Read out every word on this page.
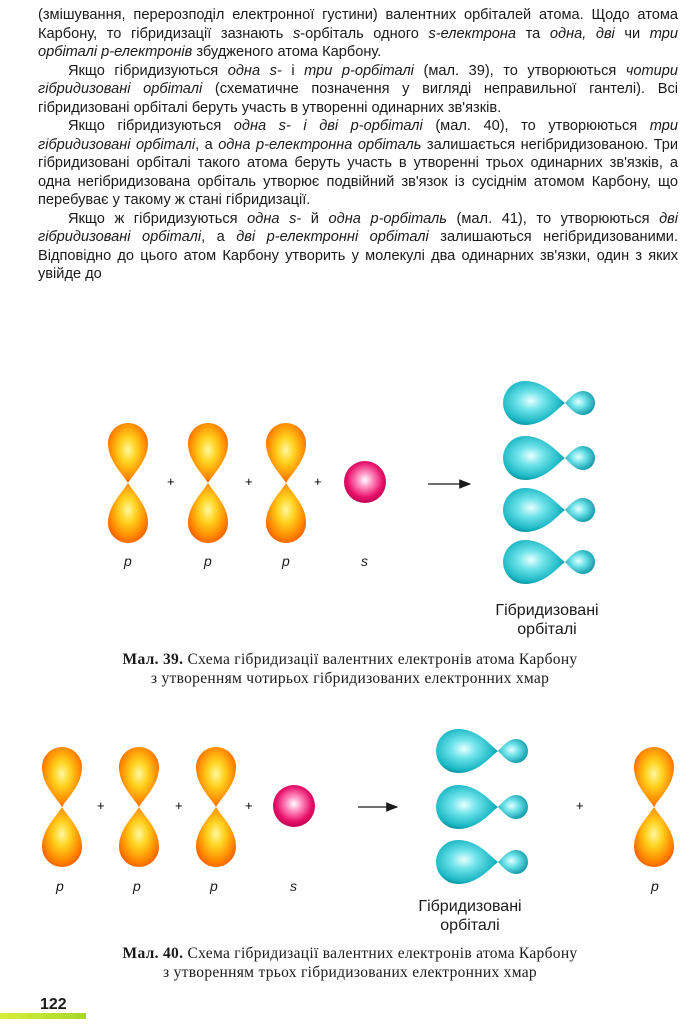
(змішування, перерозподіл електронної густини) валентних орбіталей атома. Щодо атома Карбону, то гібридизації зазнають s-орбіталь одного s-електрона та одна, дві чи три орбіталі р-електронів збудженого атома Карбону.

Якщо гібридизуються одна s- і три р-орбіталі (мал. 39), то утворюються чотири гібридизовані орбіталі (схематичне позначення у вигляді неправильної гантелі). Всі гібридизовані орбіталі беруть участь в утворенні одинарних зв'язків.

Якщо гібридизуються одна s- і дві р-орбіталі (мал. 40), то утворюються три гібридизовані орбіталі, а одна р-електронна орбіталь залишається негібридизованою. Три гібридизовані орбіталі такого атома беруть участь в утворенні трьох одинарних зв'язків, а одна негібридизована орбіталь утворює подвійний зв'язок із сусіднім атомом Карбону, що перебуває у такому ж стані гібридизації.

Якщо ж гібридизуються одна s- й одна р-орбіталь (мал. 41), то утворюються дві гібридизовані орбіталі, а дві р-електронні орбіталі залишаються негібридизованими. Відповідно до цього атом Карбону утворить у молекулі два одинарних зв'язки, один з яких увійде до

+	+	+
+	+	+	+
р	р	р	s
Гібридизовані
орбіталі
Мал. 39. Схема гібридизації валентних електронів атома Карбону
з утворенням чотирьох гібридизованих електронних хмар
р	р	р	s	р
Гібридизовані
орбіталі
Мал. 40. Схема гібридизації валентних електронів атома Карбону
з утворенням трьох гібридизованих електронних хмар
122
